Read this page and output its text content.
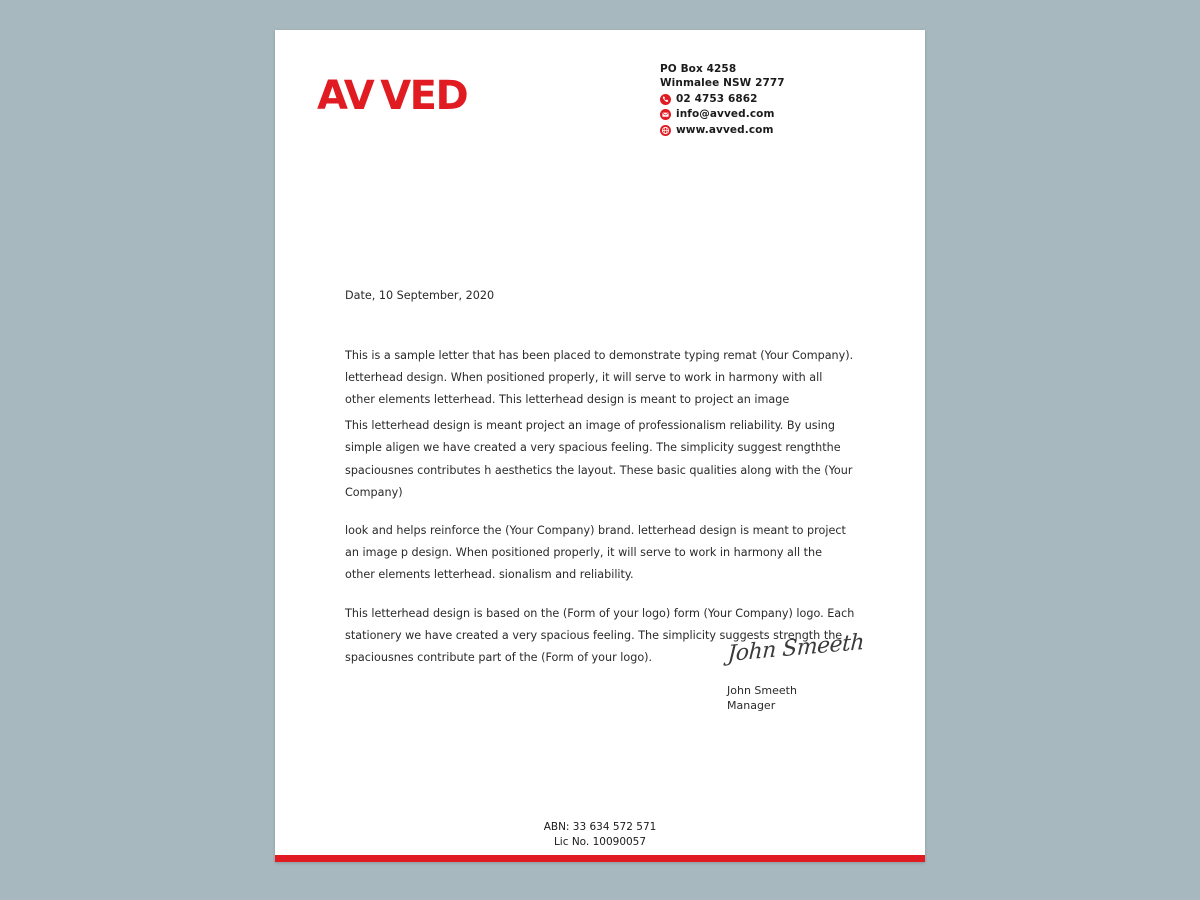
AV VED
PO Box 4258
Winmalee NSW 2777
02 4753 6862
info@avved.com
www.avved.com

Date, 10 September, 2020

This is a sample letter that has been placed to demonstrate typing remat (Your Company). letterhead design. When positioned properly, it will serve to work in harmony with all other elements letterhead. This letterhead design is meant to project an image

This letterhead design is meant project an image of professionalism reliability. By using simple aligen we have created a very spacious feeling. The simplicity suggest rengththe spaciousnes contributes h aesthetics the layout. These basic qualities along with the (Your Company)

look and helps reinforce the (Your Company) brand. letterhead design is meant to project an image p design. When positioned properly, it will serve to work in harmony all the other elements letterhead. sionalism and reliability.

This letterhead design is based on the (Form of your logo) form (Your Company) logo. Each stationery we have created a very spacious feeling. The simplicity suggests strength the spaciousnes contribute part of the (Form of your logo).	John Smeeth
John Smeeth
Manager
ABN: 33 634 572 571
Lic No. 10090057
